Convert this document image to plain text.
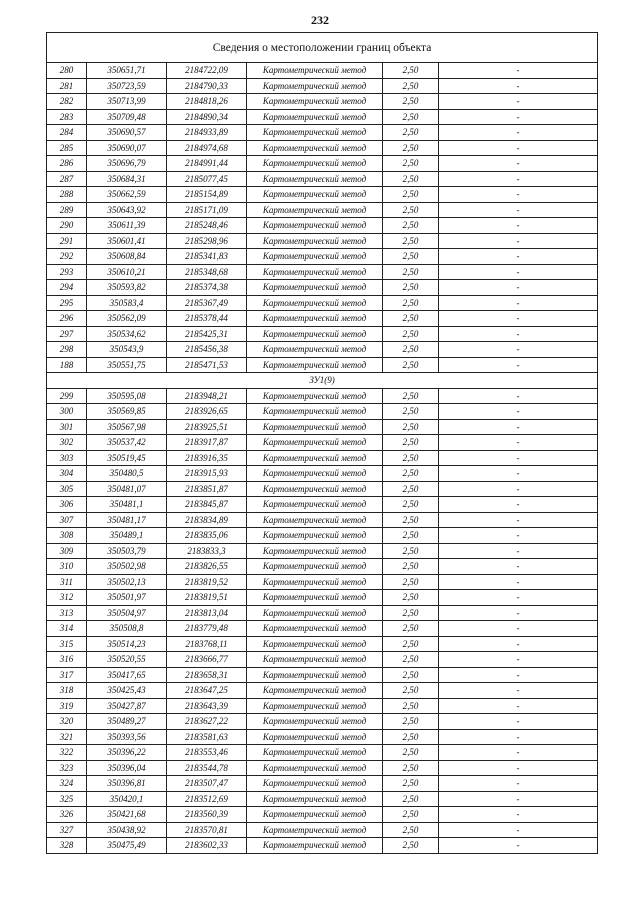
232
Сведения о местоположении границ объекта					
280	350651,71	2184722,09	Картометрический метод	2,50	-
281	350723,59	2184790,33	Картометрический метод	2,50	-
282	350713,99	2184818,26	Картометрический метод	2,50	-
283	350709,48	2184890,34	Картометрический метод	2,50	-
284	350690,57	2184933,89	Картометрический метод	2,50	-
285	350690,07	2184974,68	Картометрический метод	2,50	-
286	350696,79	2184991,44	Картометрический метод	2,50	-
287	350684,31	2185077,45	Картометрический метод	2,50	-
288	350662,59	2185154,89	Картометрический метод	2,50	-
289	350643,92	2185171,09	Картометрический метод	2,50	-
290	350611,39	2185248,46	Картометрический метод	2,50	-
291	350601,41	2185298,96	Картометрический метод	2,50	-
292	350608,84	2185341,83	Картометрический метод	2,50	-
293	350610,21	2185348,68	Картометрический метод	2,50	-
294	350593,82	2185374,38	Картометрический метод	2,50	-
295	350583,4	2185367,49	Картометрический метод	2,50	-
296	350562,09	2185378,44	Картометрический метод	2,50	-
297	350534,62	2185425,31	Картометрический метод	2,50	-
298	350543,9	2185456,38	Картометрический метод	2,50	-
188	350551,75	2185471,53	Картометрический метод	2,50	-
ЗУ1(9)					
299	350595,08	2183948,21	Картометрический метод	2,50	-
300	350569,85	2183926,65	Картометрический метод	2,50	-
301	350567,98	2183925,51	Картометрический метод	2,50	-
302	350537,42	2183917,87	Картометрический метод	2,50	-
303	350519,45	2183916,35	Картометрический метод	2,50	-
304	350480,5	2183915,93	Картометрический метод	2,50	-
305	350481,07	2183851,87	Картометрический метод	2,50	-
306	350481,1	2183845,87	Картометрический метод	2,50	-
307	350481,17	2183834,89	Картометрический метод	2,50	-
308	350489,1	2183835,06	Картометрический метод	2,50	-
309	350503,79	2183833,3	Картометрический метод	2,50	-
310	350502,98	2183826,55	Картометрический метод	2,50	-
311	350502,13	2183819,52	Картометрический метод	2,50	-
312	350501,97	2183819,51	Картометрический метод	2,50	-
313	350504,97	2183813,04	Картометрический метод	2,50	-
314	350508,8	2183779,48	Картометрический метод	2,50	-
315	350514,23	2183768,11	Картометрический метод	2,50	-
316	350520,55	2183666,77	Картометрический метод	2,50	-
317	350417,65	2183658,31	Картометрический метод	2,50	-
318	350425,43	2183647,25	Картометрический метод	2,50	-
319	350427,87	2183643,39	Картометрический метод	2,50	-
320	350489,27	2183627,22	Картометрический метод	2,50	-
321	350393,56	2183581,63	Картометрический метод	2,50	-
322	350396,22	2183553,46	Картометрический метод	2,50	-
323	350396,04	2183544,78	Картометрический метод	2,50	-
324	350396,81	2183507,47	Картометрический метод	2,50	-
325	350420,1	2183512,69	Картометрический метод	2,50	-
326	350421,68	2183560,39	Картометрический метод	2,50	-
327	350438,92	2183570,81	Картометрический метод	2,50	-
328	350475,49	2183602,33	Картометрический метод	2,50	-
